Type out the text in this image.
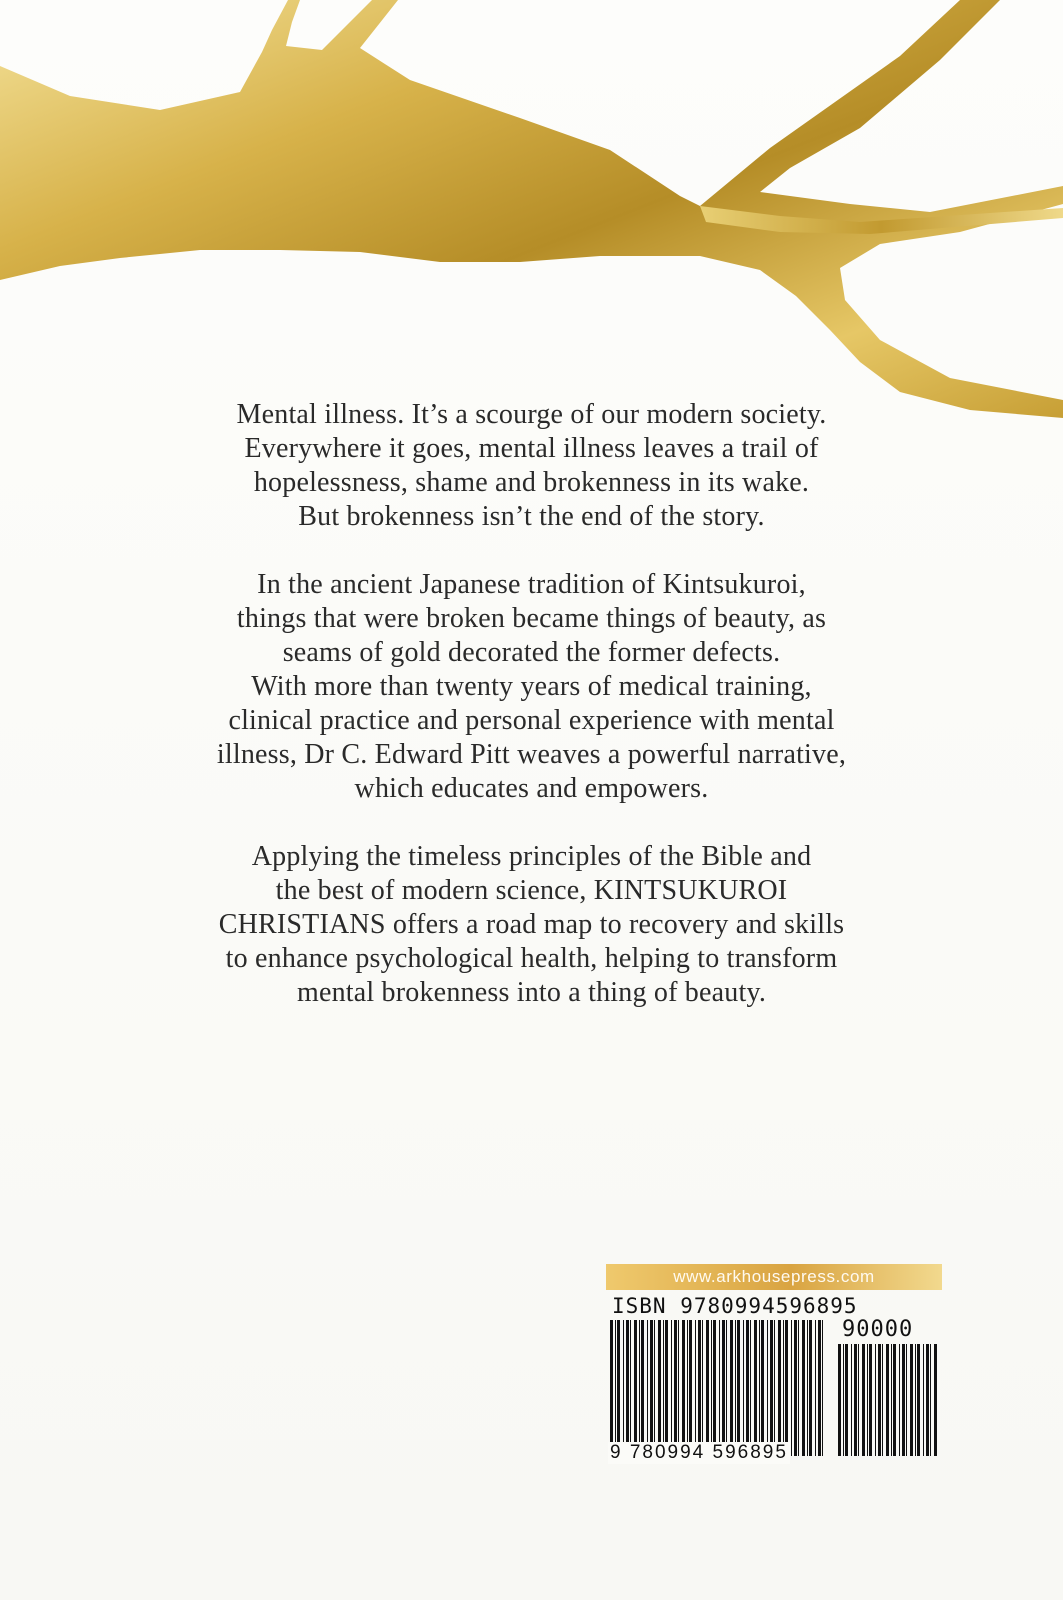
Mental illness. It’s a scourge of our modern society.
Everywhere it goes, mental illness leaves a trail of
hopelessness, shame and brokenness in its wake.
But brokenness isn’t the end of the story.

In the ancient Japanese tradition of Kintsukuroi,
things that were broken became things of beauty, as
seams of gold decorated the former defects.
With more than twenty years of medical training,
clinical practice and personal experience with mental
illness, Dr C. Edward Pitt weaves a powerful narrative,
which educates and empowers.

Applying the timeless principles of the Bible and
the best of modern science, KINTSUKUROI
CHRISTIANS offers a road map to recovery and skills
to enhance psychological health, helping to transform
mental brokenness into a thing of beauty.

www.arkhousepress.com
ISBN 9780994596895
90000
9 780994 596895
